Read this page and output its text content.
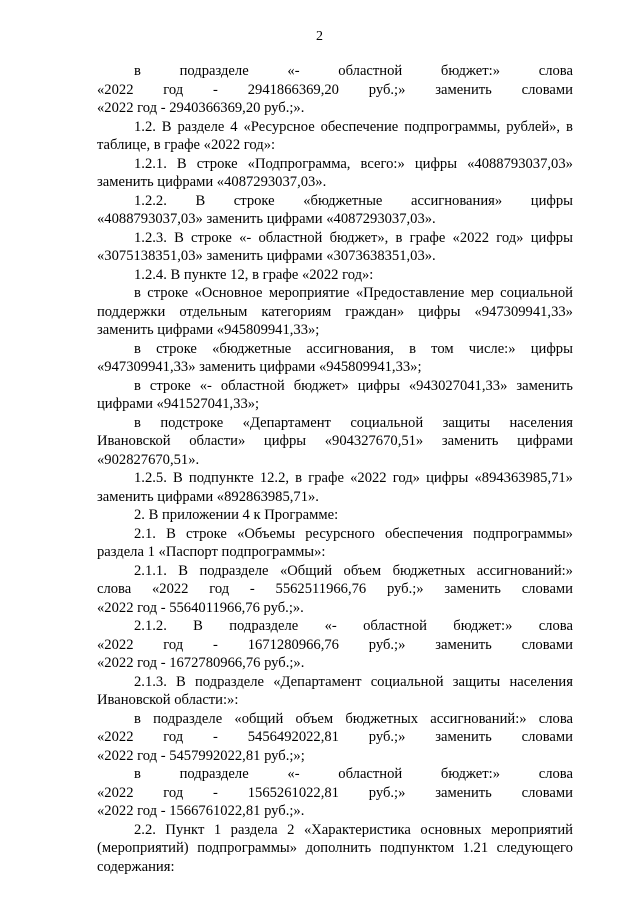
2
в	подразделе	«-	областной	бюджет:»	слова
«2022 год - 2941866369,20 руб.;» заменить словами
«2022 год - 2940366369,20 руб.;».
1.2. В разделе 4 «Ресурсное обеспечение подпрограммы, рублей», в
таблице, в графе «2022 год»:
1.2.1. В строке «Подпрограмма, всего:» цифры «4088793037,03»
заменить цифрами «4087293037,03».
1.2.2. В строке «бюджетные ассигнования» цифры
«4088793037,03» заменить цифрами «4087293037,03».
1.2.3. В строке «- областной бюджет», в графе «2022 год» цифры
«3075138351,03» заменить цифрами «3073638351,03».
1.2.4. В пункте 12, в графе «2022 год»:
в строке «Основное мероприятие «Предоставление мер социальной
поддержки отдельным категориям граждан» цифры «947309941,33»
заменить цифрами «945809941,33»;
в строке «бюджетные ассигнования, в том числе:» цифры
«947309941,33» заменить цифрами «945809941,33»;
в строке «- областной бюджет» цифры «943027041,33» заменить
цифрами «941527041,33»;
в подстроке «Департамент социальной защиты населения
Ивановской области» цифры «904327670,51» заменить цифрами
«902827670,51».
1.2.5. В подпункте 12.2, в графе «2022 год» цифры «894363985,71»
заменить цифрами «892863985,71».
2. В приложении 4 к Программе:
2.1. В строке «Объемы ресурсного обеспечения подпрограммы»
раздела 1 «Паспорт подпрограммы»:
2.1.1. В подразделе «Общий объем бюджетных ассигнований:»
слова «2022 год - 5562511966,76 руб.;» заменить словами
«2022 год - 5564011966,76 руб.;».
2.1.2. В подразделе «- областной бюджет:» слова
«2022 год - 1671280966,76 руб.;» заменить словами
«2022 год - 1672780966,76 руб.;».
2.1.3. В подразделе «Департамент социальной защиты населения
Ивановской области:»:
в подразделе «общий объем бюджетных ассигнований:» слова
«2022 год - 5456492022,81 руб.;» заменить словами
«2022 год - 5457992022,81 руб.;»;
в	подразделе	«-	областной	бюджет:»	слова
«2022 год - 1565261022,81 руб.;» заменить словами
«2022 год - 1566761022,81 руб.;».
2.2. Пункт 1 раздела 2 «Характеристика основных мероприятий
(мероприятий) подпрограммы» дополнить подпунктом 1.21 следующего
содержания:
